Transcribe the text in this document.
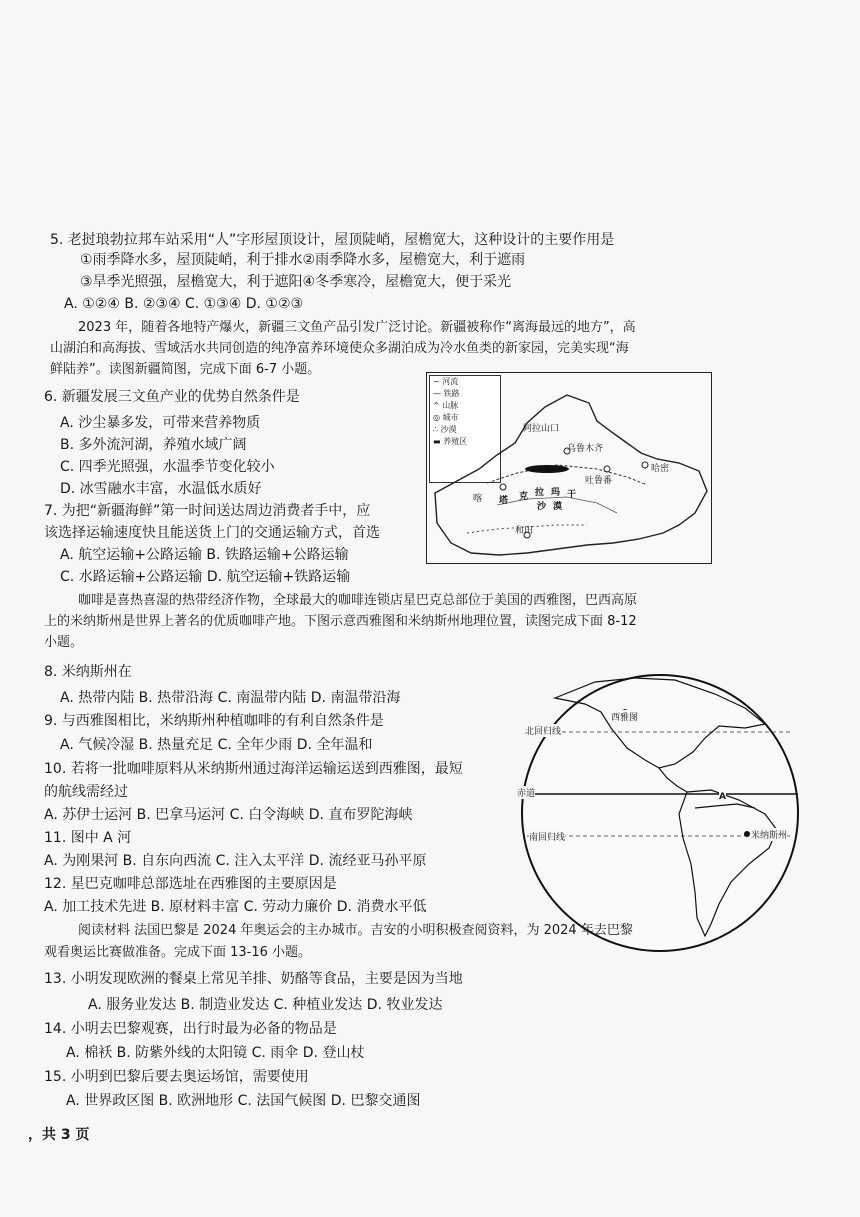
5. 老挝琅勃拉邦车站采用“人”字形屋顶设计，屋顶陡峭，屋檐宽大，这种设计的主要作用是
①雨季降水多，屋顶陡峭，利于排水②雨季降水多，屋檐宽大，利于遮雨
③旱季光照强，屋檐宽大，利于遮阳④冬季寒冷，屋檐宽大，便于采光
A. ①②④ B. ②③④ C. ①③④ D. ①②③
2023 年，随着各地特产爆火，新疆三文鱼产品引发广泛讨论。新疆被称作“离海最远的地方”，高
山湖泊和高海拔、雪域活水共同创造的纯净富养环境使众多湖泊成为冷水鱼类的新家园，完美实现“海
鲜陆养”。读图新疆简图，完成下面 6-7 小题。
6. 新疆发展三文鱼产业的优势自然条件是
A. 沙尘暴多发，可带来营养物质
B. 多外流河湖，养殖水域广阔
C. 四季光照强，水温季节变化较小
D. 冰雪融水丰富，水温低水质好
7. 为把“新疆海鲜”第一时间送达周边消费者手中，应
该选择运输速度快且能送货上门的交通运输方式，首选
A. 航空运输+公路运输 B. 铁路运输+公路运输
C. 水路运输+公路运输 D. 航空运输+铁路运输
~ 河流
— 铁路
^ 山脉
◎ 城市
∴ 沙漠
▬ 养殖区
阿拉山口
乌鲁木齐
吐鲁番
哈密
塔 克 拉 玛 干
沙 漠
和田
喀
咖啡是喜热喜湿的热带经济作物，全球最大的咖啡连锁店星巴克总部位于美国的西雅图，巴西高原
上的米纳斯州是世界上著名的优质咖啡产地。下图示意西雅图和米纳斯州地理位置，读图完成下面 8-12
小题。
8. 米纳斯州在
A. 热带内陆 B. 热带沿海 C. 南温带内陆 D. 南温带沿海
9. 与西雅图相比，米纳斯州种植咖啡的有利自然条件是
A. 气候冷湿 B. 热量充足 C. 全年少雨 D. 全年温和
10. 若将一批咖啡原料从米纳斯州通过海洋运输运送到西雅图，最短
的航线需经过
A. 苏伊士运河 B. 巴拿马运河 C. 白令海峡 D. 直布罗陀海峡
11. 图中 A 河
A. 为刚果河 B. 自东向西流 C. 注入太平洋 D. 流经亚马孙平原
12. 星巴克咖啡总部选址在西雅图的主要原因是
A. 加工技术先进 B. 原材料丰富 C. 劳动力廉价 D. 消费水平低
西雅图
北回归线
赤道
米纳斯州
南回归线
A
阅读材料 法国巴黎是 2024 年奥运会的主办城市。吉安的小明积极查阅资料，为 2024 年去巴黎
观看奥运比赛做准备。完成下面 13-16 小题。
13. 小明发现欧洲的餐桌上常见羊排、奶酪等食品，主要是因为当地
A. 服务业发达 B. 制造业发达 C. 种植业发达 D. 牧业发达
14. 小明去巴黎观赛，出行时最为必备的物品是
A. 棉袄 B. 防紫外线的太阳镜 C. 雨伞 D. 登山杖
15. 小明到巴黎后要去奥运场馆，需要使用
A. 世界政区图 B. 欧洲地形 C. 法国气候图 D. 巴黎交通图
，共 3 页
